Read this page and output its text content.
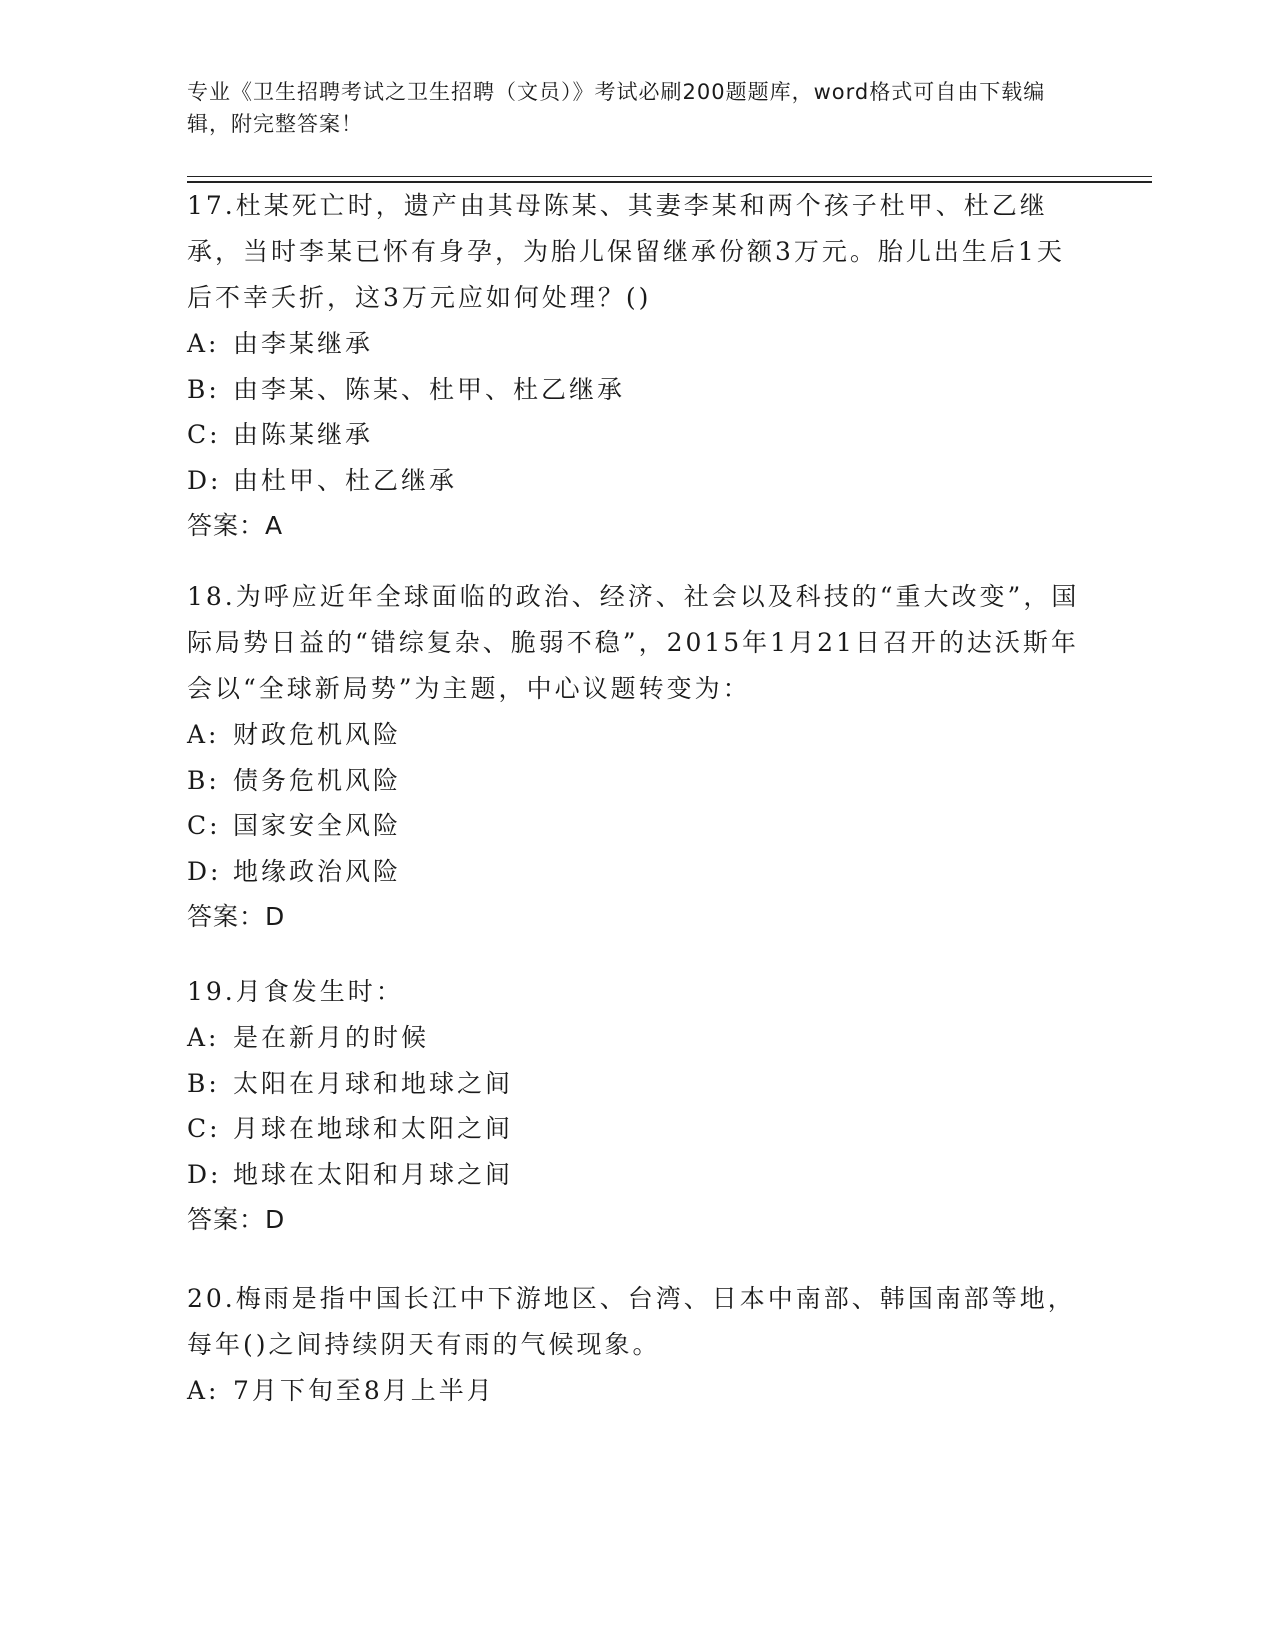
专业《卫生招聘考试之卫生招聘（文员）》考试必刷200题题库，word格式可自由下载编辑，附完整答案！
17.杜某死亡时，遗产由其母陈某、其妻李某和两个孩子杜甲、杜乙继承，当时李某已怀有身孕，为胎儿保留继承份额3万元。胎儿出生后1天后不幸夭折，这3万元应如何处理？()
A: 由李某继承
B: 由李某、陈某、杜甲、杜乙继承
C: 由陈某继承
D: 由杜甲、杜乙继承
答案：A
18.为呼应近年全球面临的政治、经济、社会以及科技的“重大改变”，国际局势日益的“错综复杂、脆弱不稳”，2015年1月21日召开的达沃斯年会以“全球新局势”为主题，中心议题转变为：
A: 财政危机风险
B: 债务危机风险
C: 国家安全风险
D: 地缘政治风险
答案：D
19.月食发生时：
A: 是在新月的时候
B: 太阳在月球和地球之间
C: 月球在地球和太阳之间
D: 地球在太阳和月球之间
答案：D
20.梅雨是指中国长江中下游地区、台湾、日本中南部、韩国南部等地，每年()之间持续阴天有雨的气候现象。
A: 7月下旬至8月上半月
